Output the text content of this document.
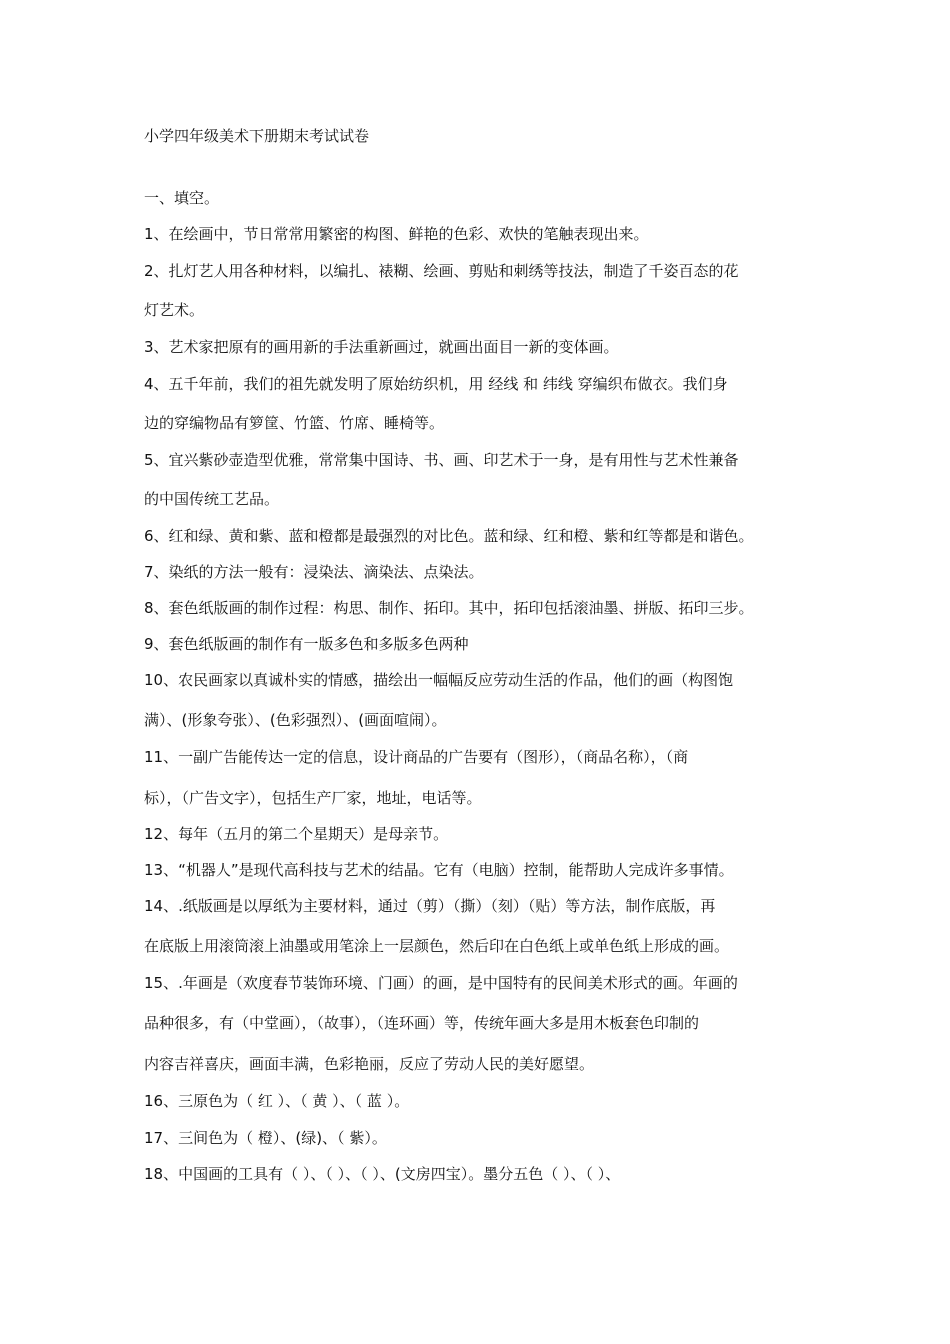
小学四年级美术下册期末考试试卷
一、填空。
1、在绘画中，节日常常用繁密的构图、鲜艳的色彩、欢快的笔触表现出来。
2、扎灯艺人用各种材料，以编扎、裱糊、绘画、剪贴和刺绣等技法，制造了千姿百态的花
灯艺术。
3、艺术家把原有的画用新的手法重新画过，就画出面目一新的变体画。
4、五千年前，我们的祖先就发明了原始纺织机，用 经线 和 纬线 穿编织布做衣。我们身
边的穿编物品有箩筐、竹篮、竹席、睡椅等。
5、宜兴紫砂壶造型优雅，常常集中国诗、书、画、印艺术于一身，是有用性与艺术性兼备
的中国传统工艺品。
6、红和绿、黄和紫、蓝和橙都是最强烈的对比色。蓝和绿、红和橙、紫和红等都是和谐色。
7、染纸的方法一般有：浸染法、滴染法、点染法。
8、套色纸版画的制作过程：构思、制作、拓印。其中，拓印包括滚油墨、拼版、拓印三步。
9、套色纸版画的制作有一版多色和多版多色两种
10、农民画家以真诚朴实的情感，描绘出一幅幅反应劳动生活的作品，他们的画（构图饱
满）、(形象夸张）、(色彩强烈）、(画面喧闹）。
11、一副广告能传达一定的信息，设计商品的广告要有（图形），（商品名称），（商
标），（广告文字），包括生产厂家，地址，电话等。
12、每年（五月的第二个星期天）是母亲节。
13、“机器人”是现代高科技与艺术的结晶。它有（电脑）控制，能帮助人完成许多事情。
14、.纸版画是以厚纸为主要材料，通过（剪）（撕）（刻）（贴）等方法，制作底版，再
在底版上用滚筒滚上油墨或用笔涂上一层颜色，然后印在白色纸上或单色纸上形成的画。
15、.年画是（欢度春节装饰环境、门画）的画，是中国特有的民间美术形式的画。年画的
品种很多，有（中堂画），（故事），（连环画）等，传统年画大多是用木板套色印制的
内容吉祥喜庆，画面丰满，色彩艳丽，反应了劳动人民的美好愿望。
16、三原色为（ 红 ）、（ 黄 ）、（ 蓝 ）。
17、三间色为（ 橙）、(绿)、（ 紫）。
18、中国画的工具有（ ）、（ ）、（ ）、(文房四宝）。墨分五色（ ）、（ ）、
